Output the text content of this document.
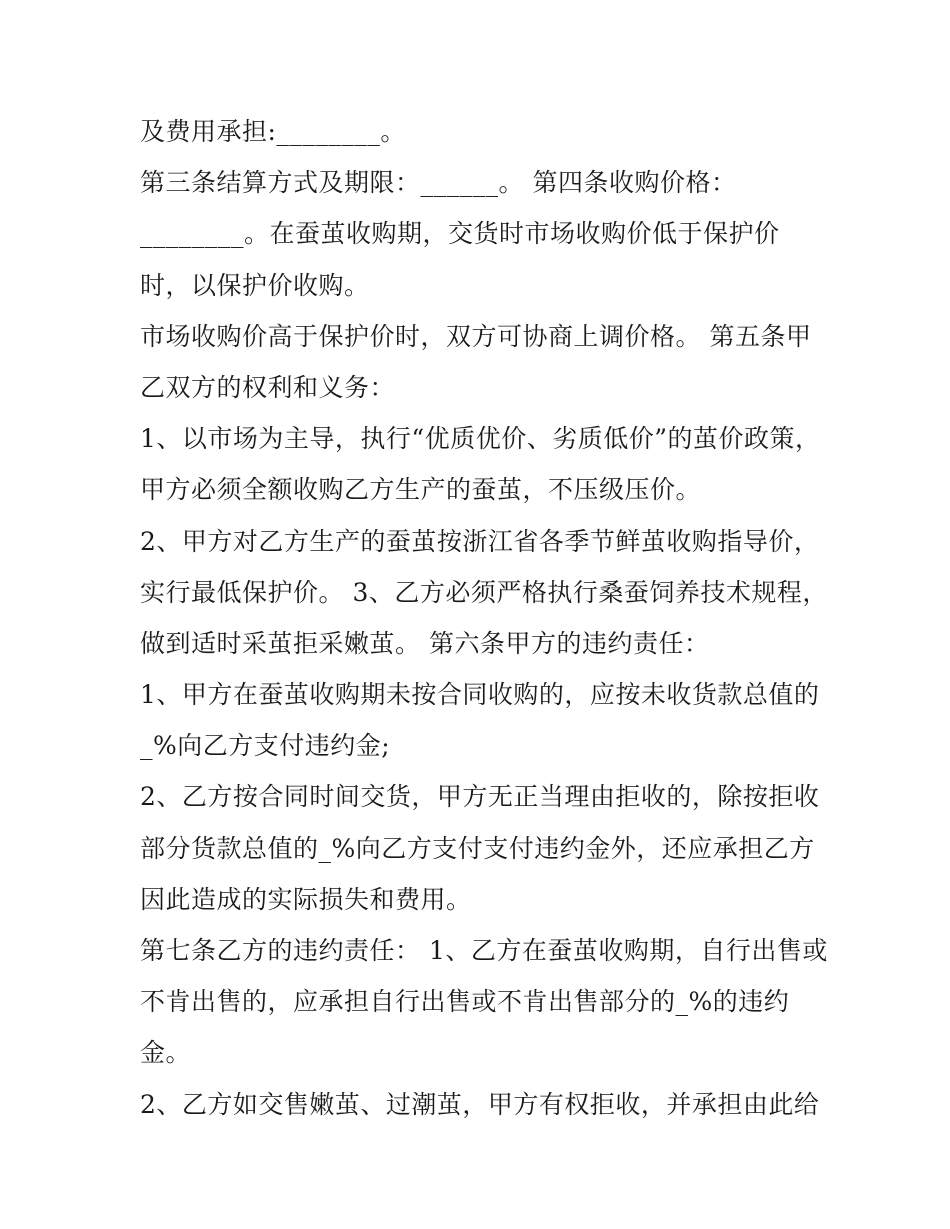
及费用承担:________。
第三条结算方式及期限：______。 第四条收购价格：
________。在蚕茧收购期，交货时市场收购价低于保护价
时，以保护价收购。
市场收购价高于保护价时，双方可协商上调价格。 第五条甲
乙双方的权利和义务：
1、以市场为主导，执行“优质优价、劣质低价”的茧价政策，
甲方必须全额收购乙方生产的蚕茧，不压级压价。
2、甲方对乙方生产的蚕茧按浙江省各季节鲜茧收购指导价，
实行最低保护价。 3、乙方必须严格执行桑蚕饲养技术规程，
做到适时采茧拒采嫩茧。 第六条甲方的违约责任：
1、甲方在蚕茧收购期未按合同收购的，应按未收货款总值的
_%向乙方支付违约金;
2、乙方按合同时间交货，甲方无正当理由拒收的，除按拒收
部分货款总值的_%向乙方支付支付违约金外，还应承担乙方
因此造成的实际损失和费用。
第七条乙方的违约责任： 1、乙方在蚕茧收购期，自行出售或
不肯出售的，应承担自行出售或不肯出售部分的_%的违约
金。
2、乙方如交售嫩茧、过潮茧，甲方有权拒收，并承担由此给
